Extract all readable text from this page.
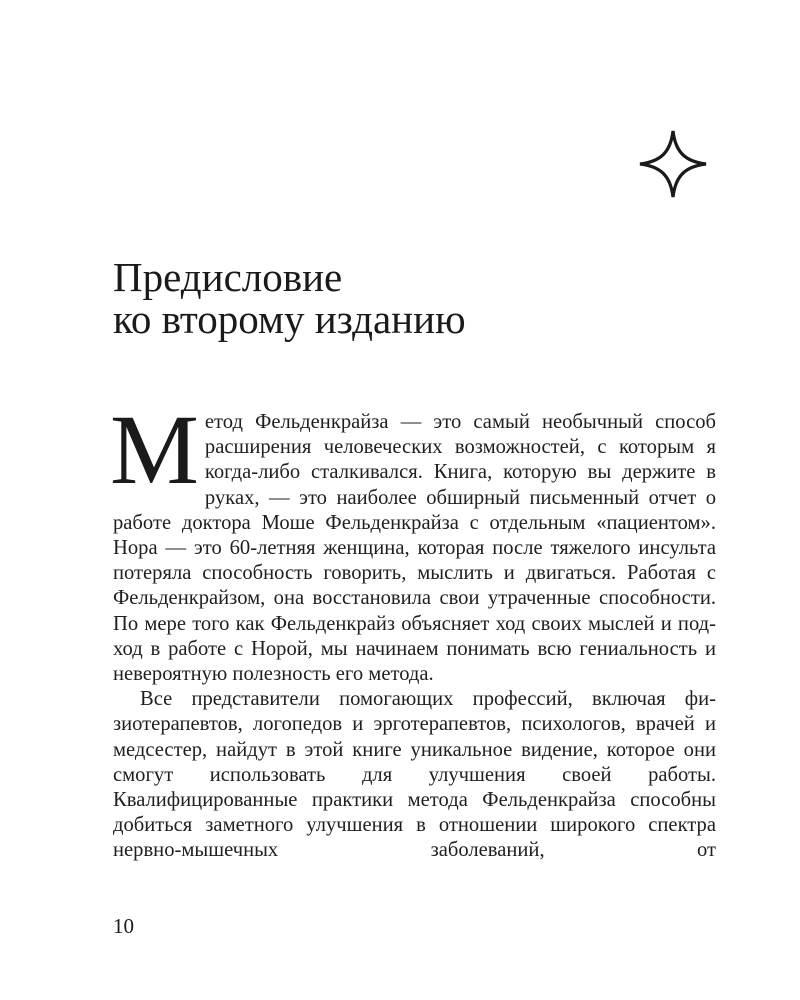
Предисловие
ко второму изданию

Метод Фельденкрайза — это самый необычный способ расширения человеческих возможностей, с которым я когда-либо сталкивался. Книга, которую вы держите в руках, — это наиболее обширный письменный отчет о работе доктора Моше Фельденкрайза с отдельным «пациентом». Нора — это 60-летняя женщина, которая после тяжелого инсульта потеряла способность говорить, мыслить и двигаться. Работая с Фельденкрайзом, она восстановила свои утраченные способности. По мере того как Фельденкрайз объясняет ход своих мыслей и подход в работе с Норой, мы начинаем понимать всю гениальность и невероятную полезность его метода.

Все представители помогающих профессий, включая физиотерапевтов, логопедов и эрготерапевтов, психологов, врачей и медсестер, найдут в этой книге уникальное видение, которое они смогут использовать для улучшения своей работы. Квалифицированные практики метода Фельденкрайза способны добиться заметного улучшения в отношении широкого спектра нервно-мышечных заболеваний, от

10
